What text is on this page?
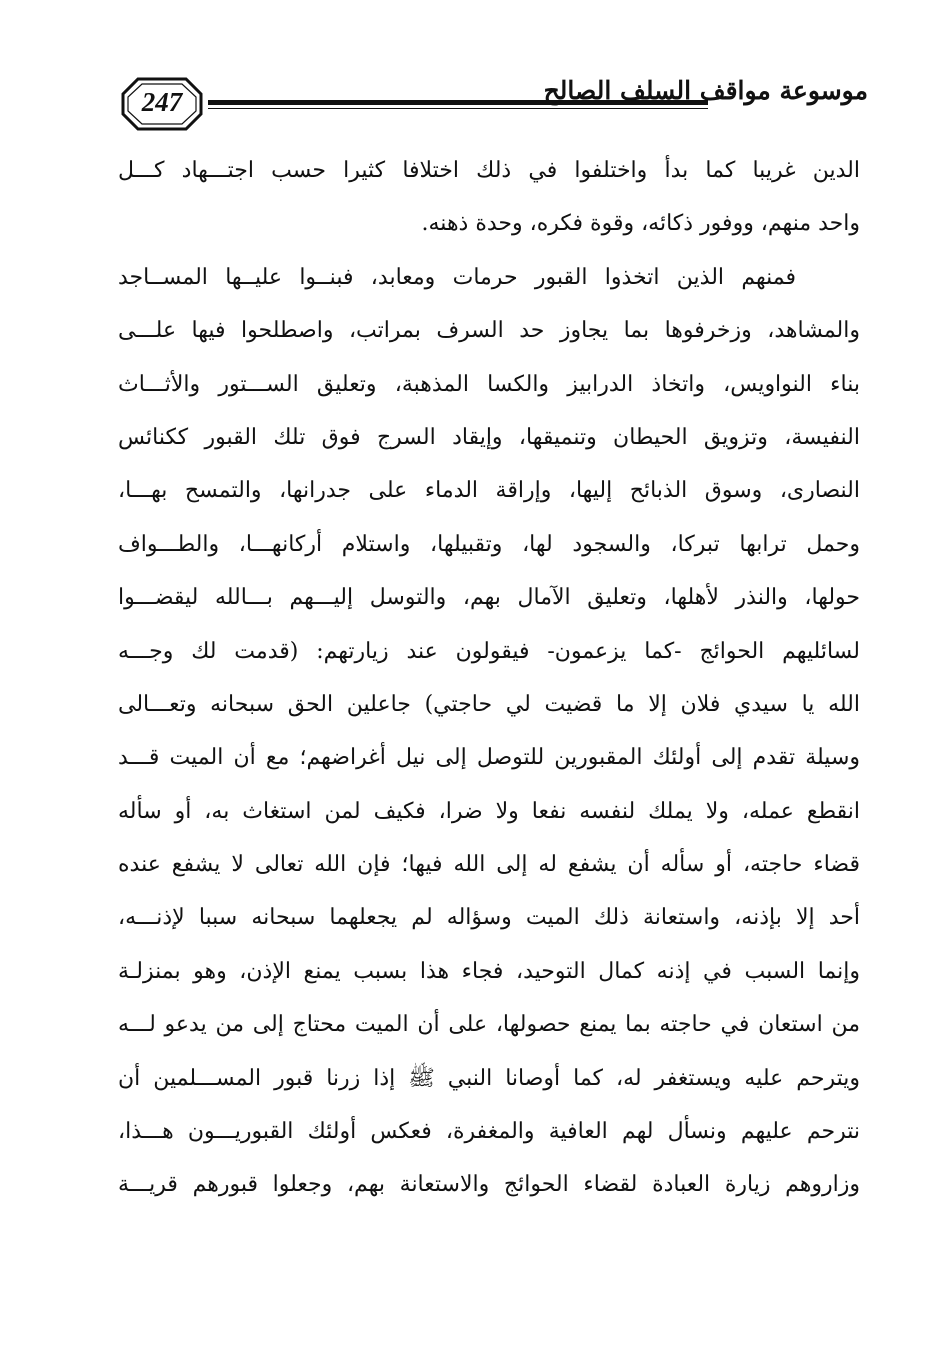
247	موسوعة مواقف السلف الصالح
الدين غريبا كما بدأ واختلفوا في ذلك اختلافا كثيرا حسب اجتـــهاد كـــل
واحد منهم، ووفور ذكائه، وقوة فكره، وحدة ذهنه.
فمنهم الذين اتخذوا القبور حرمات ومعابد، فبنــوا عليــها المســاجد
والمشاهد، وزخرفوها بما يجاوز حد السرف بمراتب، واصطلحوا فيها علـــى
بناء النواويس، واتخاذ الدرابيز والكسا المذهبة، وتعليق الســـتور والأثـــاث
النفيسة، وتزويق الحيطان وتنميقها، وإيقاد السرج فوق تلك القبور ككنائس
النصارى، وسوق الذبائح إليها، وإراقة الدماء على جدرانها، والتمسح بهـــا،
وحمل ترابها تبركا، والسجود لها، وتقبيلها، واستلام أركانهـــا، والطـــواف
حولها، والنذر لأهلها، وتعليق الآمال بهم، والتوسل إليـــهم بـــالله ليقضـــوا
لسائليهم الحوائج -كما يزعمون- فيقولون عند زيارتهم: (قدمت لك وجـــه
الله يا سيدي فلان إلا ما قضيت لي حاجتي) جاعلين الحق سبحانه وتعـــالى
وسيلة تقدم إلى أولئك المقبورين للتوصل إلى نيل أغراضهم؛ مع أن الميت قـــد
انقطع عمله، ولا يملك لنفسه نفعا ولا ضرا، فكيف لمن استغاث به، أو سأله
قضاء حاجته، أو سأله أن يشفع له إلى الله فيها؛ فإن الله تعالى لا يشفع عنده
أحد إلا بإذنه، واستعانة ذلك الميت وسؤاله لم يجعلهما سبحانه سببا لإذنـــه،
وإنما السبب في إذنه كمال التوحيد، فجاء هذا بسبب يمنع الإذن، وهو بمنزلـة
من استعان في حاجته بما يمنع حصولها، على أن الميت محتاج إلى من يدعو لـــه
ويترحم عليه ويستغفر له، كما أوصانا النبي ﷺ إذا زرنا قبور المســـلمين أن
نترحم عليهم ونسأل لهم العافية والمغفرة، فعكس أولئك القبوريـــون هـــذا،
وزاروهم زيارة العبادة لقضاء الحوائج والاستعانة بهم، وجعلوا قبورهم قريـــة
